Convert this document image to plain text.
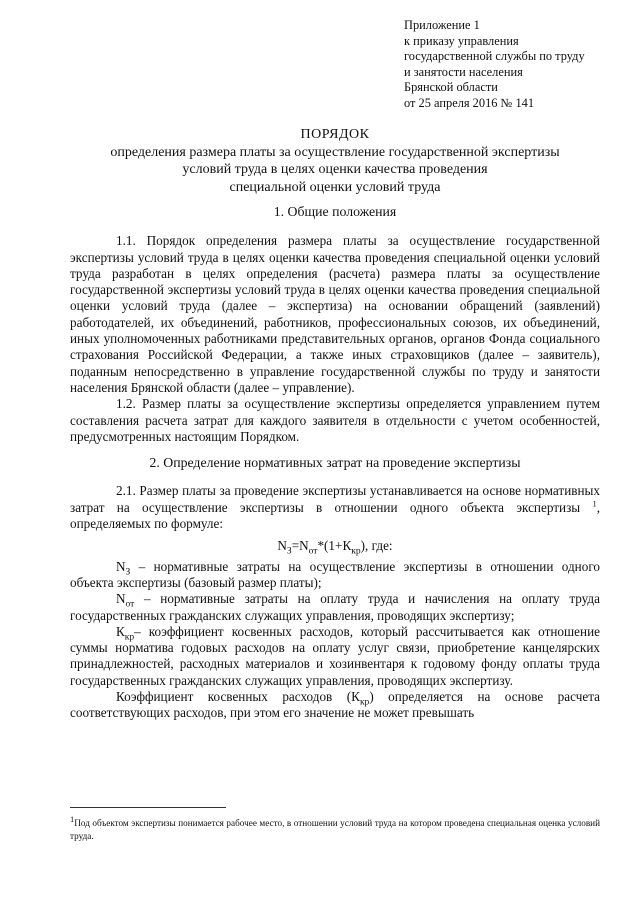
Приложение 1
к приказу управления
государственной службы по труду
и занятости населения
Брянской области
от 25 апреля 2016 № 141
ПОРЯДОК
определения размера платы за осуществление государственной экспертизы
условий труда в целях оценки качества проведения
специальной оценки условий труда
1. Общие положения

1.1. Порядок определения размера платы за осуществление государственной экспертизы условий труда в целях оценки качества проведения специальной оценки условий труда разработан в целях определения (расчета) размера платы за осуществление государственной экспертизы условий труда в целях оценки качества проведения специальной оценки условий труда (далее – экспертиза) на основании обращений (заявлений) работодателей, их объединений, работников, профессиональных союзов, их объединений, иных уполномоченных работниками представительных органов, органов Фонда социального страхования Российской Федерации, а также иных страховщиков (далее – заявитель), поданным непосредственно в управление государственной службы по труду и занятости населения Брянской области (далее – управление).

1.2. Размер платы за осуществление экспертизы определяется управлением путем составления расчета затрат для каждого заявителя в отдельности с учетом особенностей, предусмотренных настоящим Порядком.

2. Определение нормативных затрат на проведение экспертизы

2.1. Размер платы за проведение экспертизы устанавливается на основе нормативных затрат на осуществление экспертизы в отношении одного объекта экспертизы $^1$, определяемых по формуле:

$N_З=N_{от}*(1+К_{кр})$, где:

$N_З$ – нормативные затраты на осуществление экспертизы в отношении одного объекта экспертизы (базовый размер платы);

$N_{от}$ – нормативные затраты на оплату труда и начисления на оплату труда государственных гражданских служащих управления, проводящих экспертизу;

$К_{кр}-$ коэффициент косвенных расходов, который рассчитывается как отношение суммы норматива годовых расходов на оплату услуг связи, приобретение канцелярских принадлежностей, расходных материалов и хозинвентаря к годовому фонду оплаты труда государственных гражданских служащих управления, проводящих экспертизу.

Коэффициент косвенных расходов $(К_{кр})$ определяется на основе расчета соответствующих расходов, при этом его значение не может превышать

$^1$Под объектом экспертизы понимается рабочее место, в отношении условий труда на котором проведена специальная оценка условий труда.
